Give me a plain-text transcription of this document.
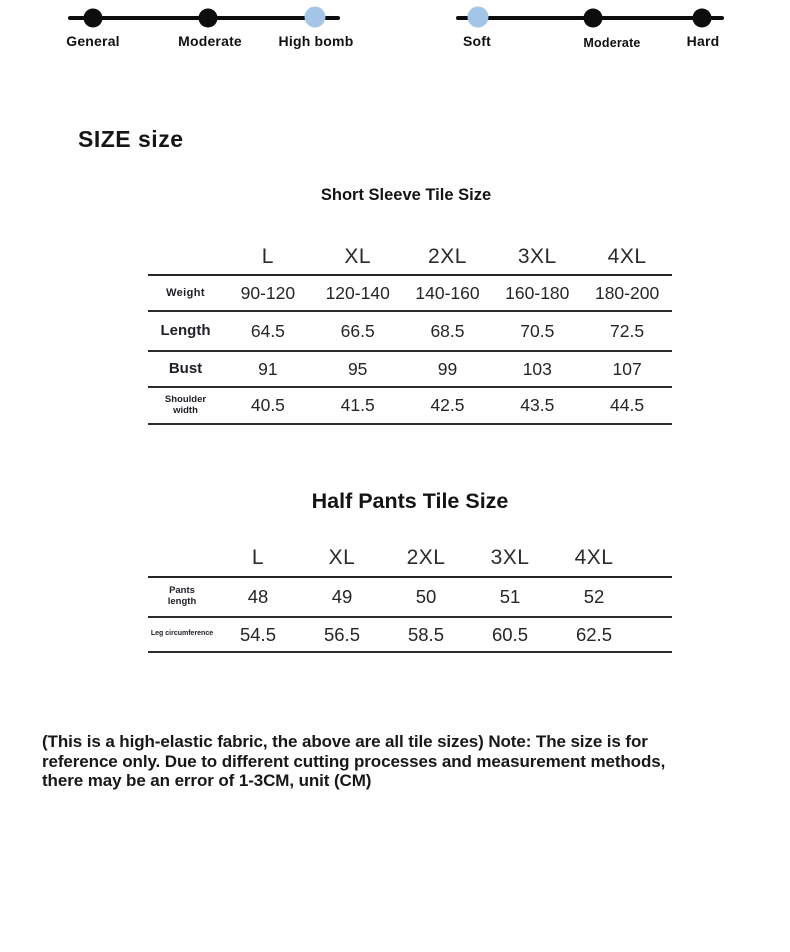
General	Moderate	High bomb	Soft	Moderate	Hard
SIZE size
Short Sleeve Tile Size
L	XL	2XL	3XL	4XL
Weight	90-120	120-140	140-160	160-180	180-200
Length	64.5	66.5	68.5	70.5	72.5
Bust	91	95	99	103	107
Shoulder
width	40.5	41.5	42.5	43.5	44.5
Half Pants Tile Size
L	XL	2XL	3XL	4XL
Pants
length	48	49	50	51	52
Leg circumference	54.5	56.5	58.5	60.5	62.5
(This is a high-elastic fabric, the above are all tile sizes) Note: The size is for
reference only. Due to different cutting processes and measurement methods,
there may be an error of 1-3CM, unit (CM)
